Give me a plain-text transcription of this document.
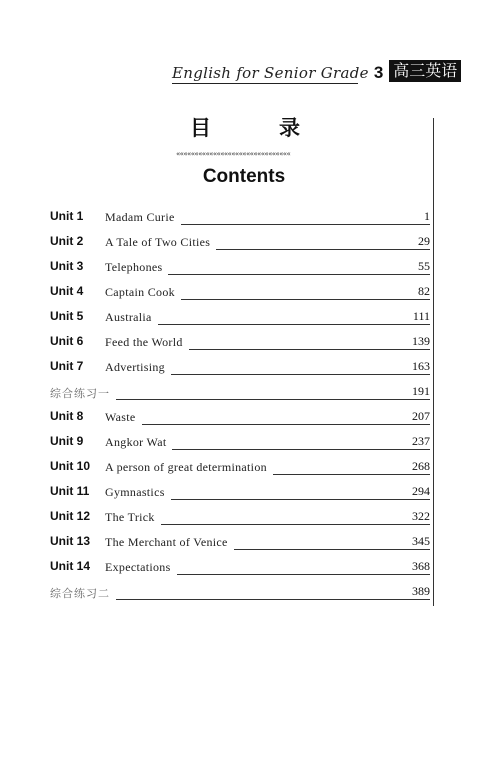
English for Senior Grade 3 高三英语
目	录
«««««««««««««««««««««««««««««««
Contents
Unit 1 Madam Curie	1
Unit 2 A Tale of Two Cities	29
Unit 3 Telephones	55
Unit 4 Captain Cook	82
Unit 5 Australia	111
Unit 6 Feed the World	139
Unit 7 Advertising	163
综合练习一	191
Unit 8 Waste	207
Unit 9 Angkor Wat	237
Unit 10 A person of great determination	268
Unit 11 Gymnastics	294
Unit 12 The Trick	322
Unit 13 The Merchant of Venice	345
Unit 14 Expectations	368
综合练习二	389
